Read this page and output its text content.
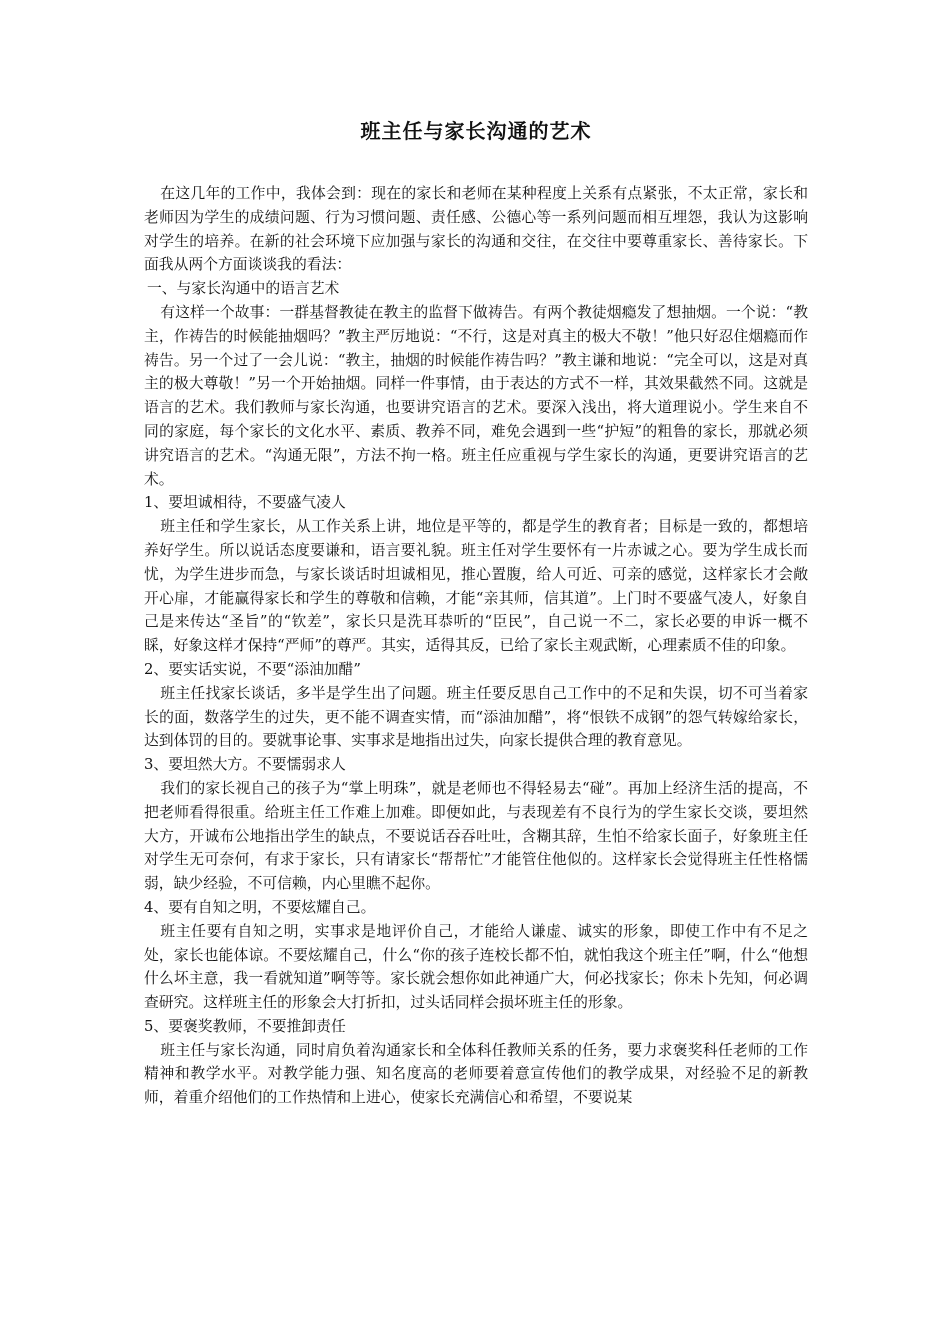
班主任与家长沟通的艺术

在这几年的工作中，我体会到：现在的家长和老师在某种程度上关系有点紧张，不太正常，家长和老师因为学生的成绩问题、行为习惯问题、责任感、公德心等一系列问题而相互埋怨，我认为这影响对学生的培养。在新的社会环境下应加强与家长的沟通和交往，在交往中要尊重家长、善待家长。下面我从两个方面谈谈我的看法：

一、与家长沟通中的语言艺术

有这样一个故事：一群基督教徒在教主的监督下做祷告。有两个教徒烟瘾发了想抽烟。一个说：“教主，作祷告的时候能抽烟吗？”教主严厉地说：“不行，这是对真主的极大不敬！”他只好忍住烟瘾而作祷告。另一个过了一会儿说：“教主，抽烟的时候能作祷告吗？”教主谦和地说：“完全可以，这是对真主的极大尊敬！”另一个开始抽烟。同样一件事情，由于表达的方式不一样，其效果截然不同。这就是语言的艺术。我们教师与家长沟通，也要讲究语言的艺术。要深入浅出，将大道理说小。学生来自不同的家庭，每个家长的文化水平、素质、教养不同，难免会遇到一些“护短”的粗鲁的家长，那就必须讲究语言的艺术。“沟通无限”，方法不拘一格。班主任应重视与学生家长的沟通，更要讲究语言的艺术。

1、要坦诚相待，不要盛气凌人

班主任和学生家长，从工作关系上讲，地位是平等的，都是学生的教育者；目标是一致的，都想培养好学生。所以说话态度要谦和，语言要礼貌。班主任对学生要怀有一片赤诚之心。要为学生成长而忧，为学生进步而急，与家长谈话时坦诚相见，推心置腹，给人可近、可亲的感觉，这样家长才会敞开心扉，才能赢得家长和学生的尊敬和信赖，才能“亲其师，信其道”。上门时不要盛气凌人，好象自己是来传达“圣旨”的“钦差”，家长只是洗耳恭听的“臣民”，自己说一不二，家长必要的申诉一概不睬，好象这样才保持“严师”的尊严。其实，适得其反，已给了家长主观武断，心理素质不佳的印象。

2、要实话实说，不要“添油加醋”

班主任找家长谈话，多半是学生出了问题。班主任要反思自己工作中的不足和失误，切不可当着家长的面，数落学生的过失，更不能不调查实情，而“添油加醋”，将“恨铁不成钢”的怨气转嫁给家长，达到体罚的目的。要就事论事、实事求是地指出过失，向家长提供合理的教育意见。

3、要坦然大方。不要懦弱求人

我们的家长视自己的孩子为“掌上明珠”，就是老师也不得轻易去“碰”。再加上经济生活的提高，不把老师看得很重。给班主任工作难上加难。即便如此，与表现差有不良行为的学生家长交谈，要坦然大方，开诚布公地指出学生的缺点，不要说话吞吞吐吐，含糊其辞，生怕不给家长面子，好象班主任对学生无可奈何，有求于家长，只有请家长“帮帮忙”才能管住他似的。这样家长会觉得班主任性格懦弱，缺少经验，不可信赖，内心里瞧不起你。

4、要有自知之明，不要炫耀自己。

班主任要有自知之明，实事求是地评价自己，才能给人谦虚、诚实的形象，即使工作中有不足之处，家长也能体谅。不要炫耀自己，什么“你的孩子连校长都不怕，就怕我这个班主任”啊，什么“他想什么坏主意，我一看就知道”啊等等。家长就会想你如此神通广大，何必找家长；你未卜先知，何必调查研究。这样班主任的形象会大打折扣，过头话同样会损坏班主任的形象。

5、要褒奖教师，不要推卸责任

班主任与家长沟通，同时肩负着沟通家长和全体科任教师关系的任务，要力求褒奖科任老师的工作精神和教学水平。对教学能力强、知名度高的老师要着意宣传他们的教学成果，对经验不足的新教师，着重介绍他们的工作热情和上进心，使家长充满信心和希望，不要说某
